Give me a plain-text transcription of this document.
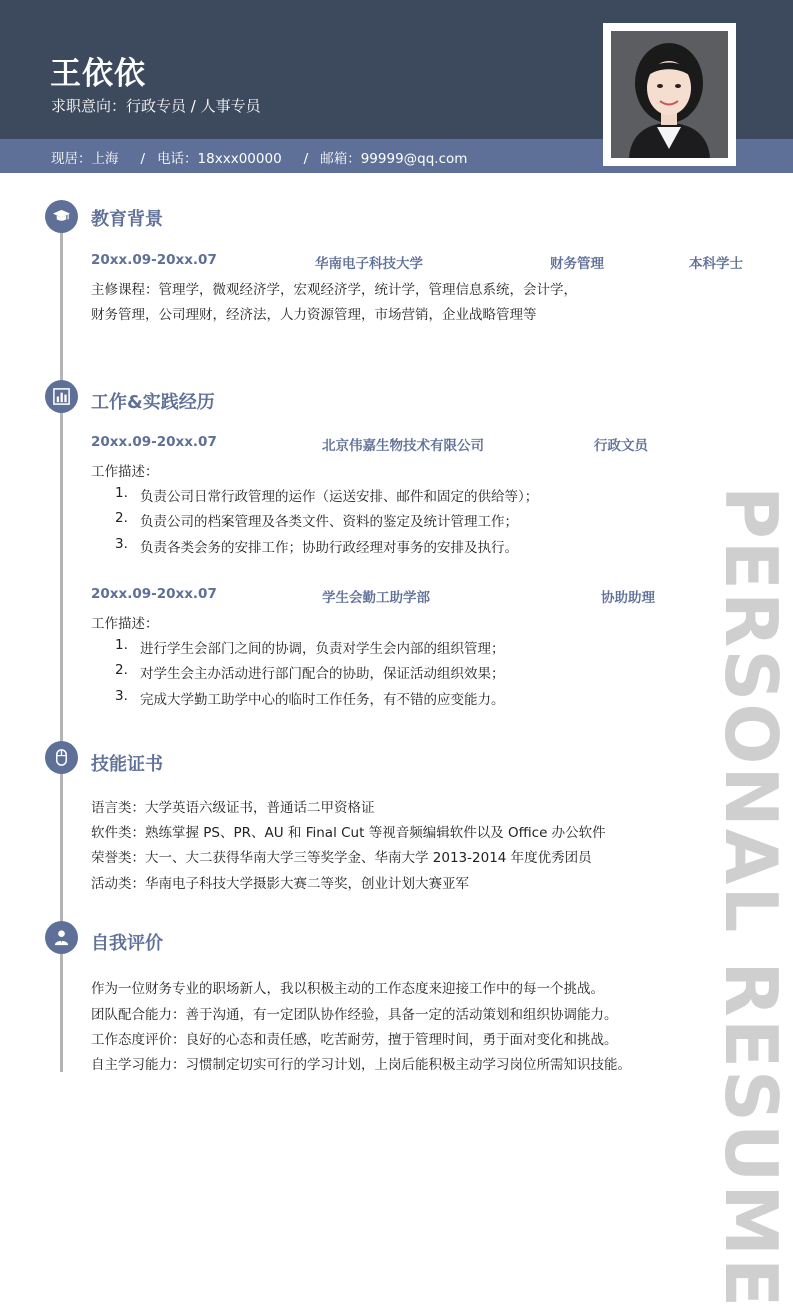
王依依
求职意向：行政专员 / 人事专员
现居：上海 / 电话：18xxx00000 / 邮箱：99999@qq.com
教育背景
20xx.09-20xx.07	华南电子科技大学	财务管理	本科学士
主修课程：管理学，微观经济学，宏观经济学，统计学，管理信息系统，会计学，
财务管理，公司理财，经济法，人力资源管理，市场营销，企业战略管理等
工作&实践经历
20xx.09-20xx.07	北京伟嘉生物技术有限公司	行政文员
工作描述：
1. 负责公司日常行政管理的运作（运送安排、邮件和固定的供给等）；
2. 负责公司的档案管理及各类文件、资料的鉴定及统计管理工作；
3. 负责各类会务的安排工作；协助行政经理对事务的安排及执行。
20xx.09-20xx.07	学生会勤工助学部	协助助理
工作描述：
1. 进行学生会部门之间的协调，负责对学生会内部的组织管理；
2. 对学生会主办活动进行部门配合的协助，保证活动组织效果；
3. 完成大学勤工助学中心的临时工作任务，有不错的应变能力。
技能证书
语言类：大学英语六级证书，普通话二甲资格证
软件类：熟练掌握 PS、PR、AU 和 Final Cut 等视音频编辑软件以及 Office 办公软件
荣誉类：大一、大二获得华南大学三等奖学金、华南大学 2013-2014 年度优秀团员
活动类：华南电子科技大学摄影大赛二等奖，创业计划大赛亚军
自我评价
作为一位财务专业的职场新人，我以积极主动的工作态度来迎接工作中的每一个挑战。
团队配合能力：善于沟通，有一定团队协作经验，具备一定的活动策划和组织协调能力。
工作态度评价：良好的心态和责任感，吃苦耐劳，擅于管理时间，勇于面对变化和挑战。
自主学习能力：习惯制定切实可行的学习计划，上岗后能积极主动学习岗位所需知识技能。 PERSONAL RESUME
